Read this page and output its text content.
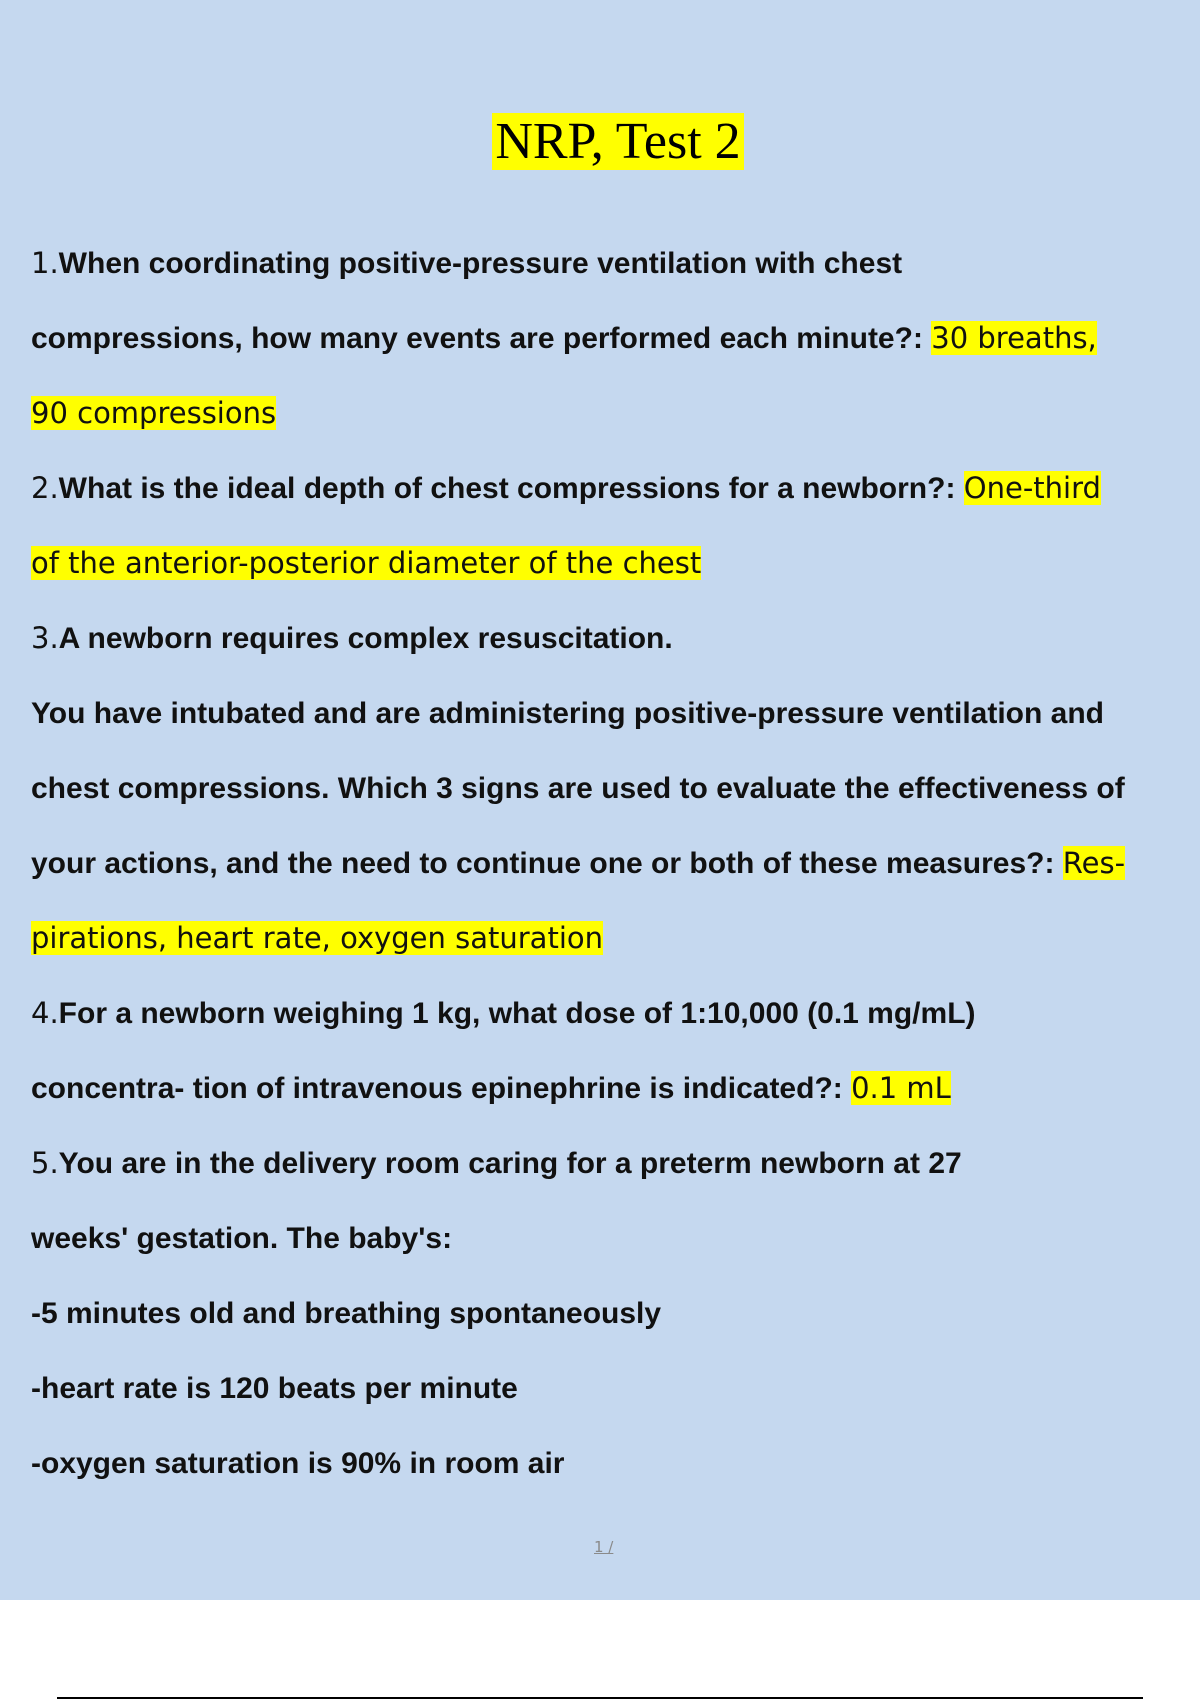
NRP, Test 2
1.When coordinating positive-pressure ventilation with chest
compressions, how many events are performed each minute?: 30 breaths,
90 compressions
2.What is the ideal depth of chest compressions for a newborn?: One-third
of the anterior-posterior diameter of the chest
3.A newborn requires complex resuscitation.
You have intubated and are administering positive-pressure ventilation and
chest compressions. Which 3 signs are used to evaluate the effectiveness of
your actions, and the need to continue one or both of these measures?: Res-
pirations, heart rate, oxygen saturation
4.For a newborn weighing 1 kg, what dose of 1:10,000 (0.1 mg/mL)
concentra- tion of intravenous epinephrine is indicated?: 0.1 mL
5.You are in the delivery room caring for a preterm newborn at 27
weeks' gestation. The baby's:
-5 minutes old and breathing spontaneously
-heart rate is 120 beats per minute
-oxygen saturation is 90% in room air
1 /
